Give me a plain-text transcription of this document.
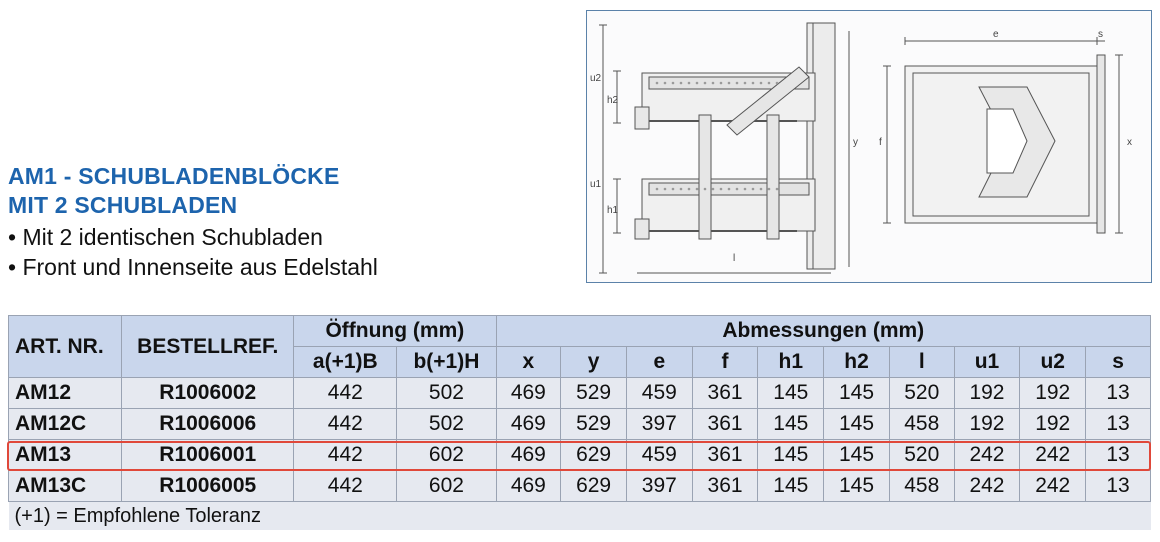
AM1 - SCHUBLADENBLÖCKE
MIT 2 SCHUBLADEN
• Mit 2 identischen Schubladen
• Front und Innenseite aus Edelstahl
u2
h2
u1
h1
y
l
f
e	s
x
ART. NR.	BESTELLREF.	Öffnung (mm)		Abmessungen (mm)									
		a(+1)B	b(+1)H	x	y	e	f	h1	h2	l	u1	u2	s
AM12	R1006002	442	502	469	529	459	361	145	145	520	192	192	13
AM12C	R1006006	442	502	469	529	397	361	145	145	458	192	192	13
AM13	R1006001	442	602	469	629	459	361	145	145	520	242	242	13
AM13C	R1006005	442	602	469	629	397	361	145	145	458	242	242	13
(+1) = Empfohlene Toleranz													
